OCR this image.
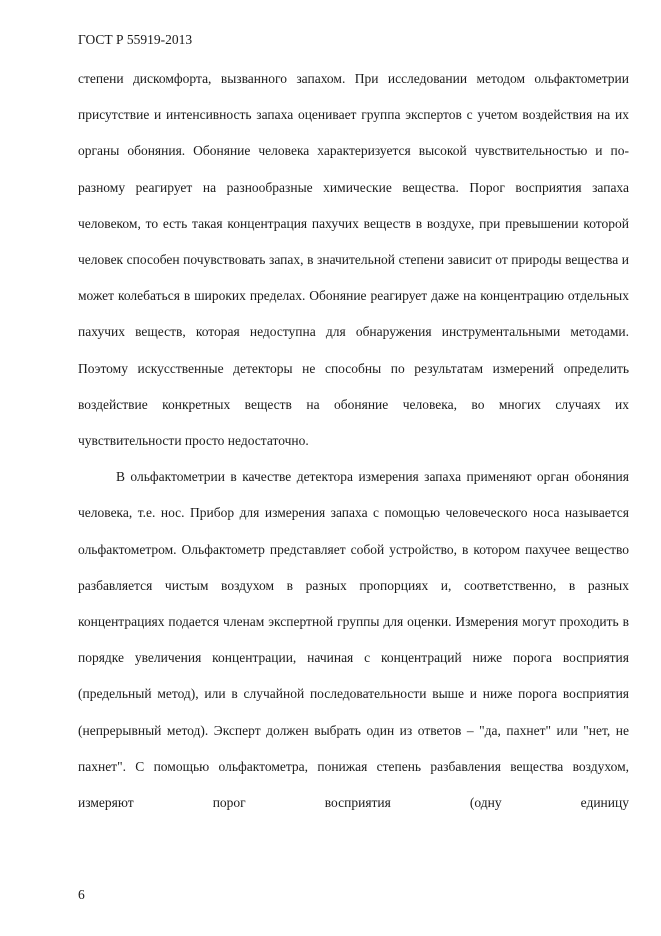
ГОСТ Р 55919-2013

степени дискомфорта, вызванного запахом. При исследовании методом ольфактометрии присутствие и интенсивность запаха оценивает группа экспертов с учетом воздействия на их органы обоняния. Обоняние человека характеризуется высокой чувствительностью и по-разному реагирует на разнообразные химические вещества. Порог восприятия запаха человеком, то есть такая концентрация пахучих веществ в воздухе, при превышении которой человек способен почувствовать запах, в значительной степени зависит от природы вещества и может колебаться в широких пределах. Обоняние реагирует даже на концентрацию отдельных пахучих веществ, которая недоступна для обнаружения инструментальными методами. Поэтому искусственные детекторы не способны по результатам измерений определить воздействие конкретных веществ на обоняние человека, во многих случаях их чувствительности просто недостаточно.

В ольфактометрии в качестве детектора измерения запаха применяют орган обоняния человека, т.е. нос. Прибор для измерения запаха с помощью человеческого носа называется ольфактометром. Ольфактометр представляет собой устройство, в котором пахучее вещество разбавляется чистым воздухом в разных пропорциях и, соответственно, в разных концентрациях подается членам экспертной группы для оценки. Измерения могут проходить в порядке увеличения концентрации, начиная с концентраций ниже порога восприятия (предельный метод), или в случайной последовательности выше и ниже порога восприятия (непрерывный метод). Эксперт должен выбрать один из ответов – "да, пахнет" или "нет, не пахнет". С помощью ольфактометра, понижая степень разбавления вещества воздухом, измеряют порог восприятия (одну единицу

6
